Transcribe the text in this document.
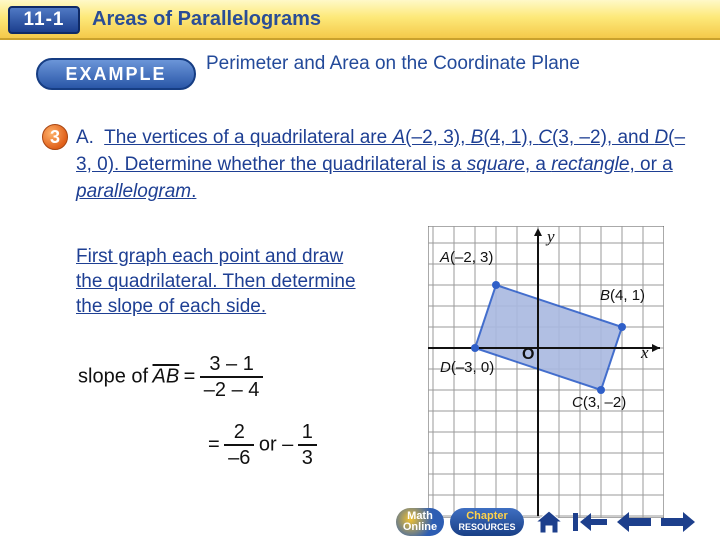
11-1	Areas of Parallelograms
EXAMPLE	Perimeter and Area on the Coordinate Plane
3 A. The vertices of a quadrilateral are A(–2, 3), B(4, 1), C(3, –2), and D(–3, 0). Determine whether the quadrilateral is a square, a rectangle, or a parallelogram.
First graph each point and draw the quadrilateral. Then determine the slope of each side.
slope of $\overline{AB} = \frac{3 - 1}{-2 - 4}$
= $\frac{2}{-6}$ or – $\frac{1}{3}$
y
x
O
A(–2, 3)
B(4, 1)
D(–3, 0)
C(3, –2)
Math Online
Chapter
RESOURCES
